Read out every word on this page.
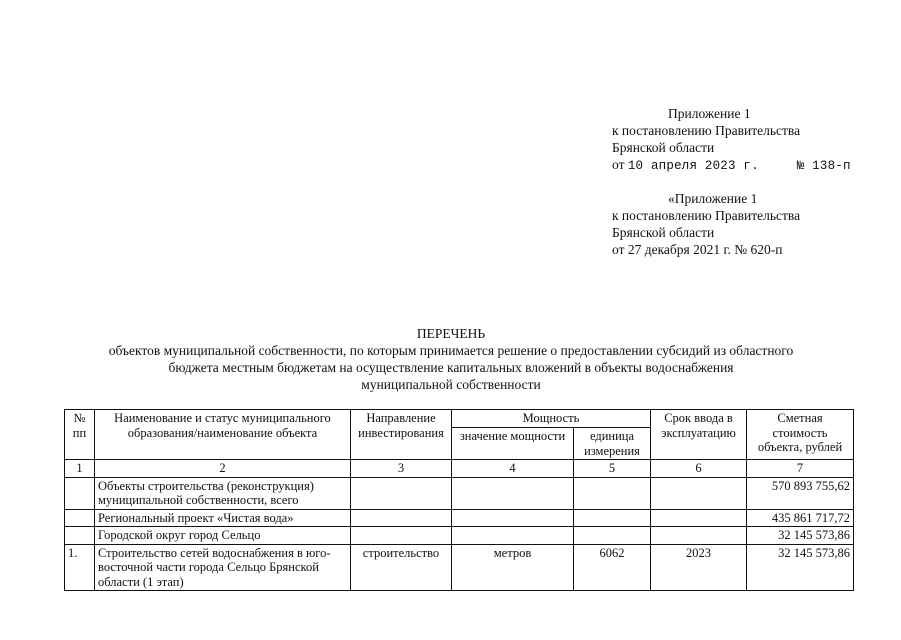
Приложение 1
к постановлению Правительства
Брянской области
от 10 апреля 2023 г.	№ 138-п
«Приложение 1
к постановлению Правительства
Брянской области
от 27 декабря 2021 г. № 620-п
ПЕРЕЧЕНЬ
объектов муниципальной собственности, по которым принимается решение о предоставлении субсидий из областного
бюджета местным бюджетам на осуществление капитальных вложений в объекты водоснабжения
муниципальной собственности
№ пп	Наименование и статус муниципального образования/наименование объекта	Направление инвестирования	Мощность		Срок ввода в эксплуатацию	Сметная стоимость объекта, рублей
			значение мощности	единица измерения		
1	2	3	4	5	6	7
	Объекты строительства (реконструкция) муниципальной собственности, всего					570 893 755,62
	Региональный проект «Чистая вода»					435 861 717,72
	Городской округ город Сельцо					32 145 573,86
1.	Строительство сетей водоснабжения в юго-восточной части города Сельцо Брянской области (1 этап)	строительство	метров	6062	2023	32 145 573,86
